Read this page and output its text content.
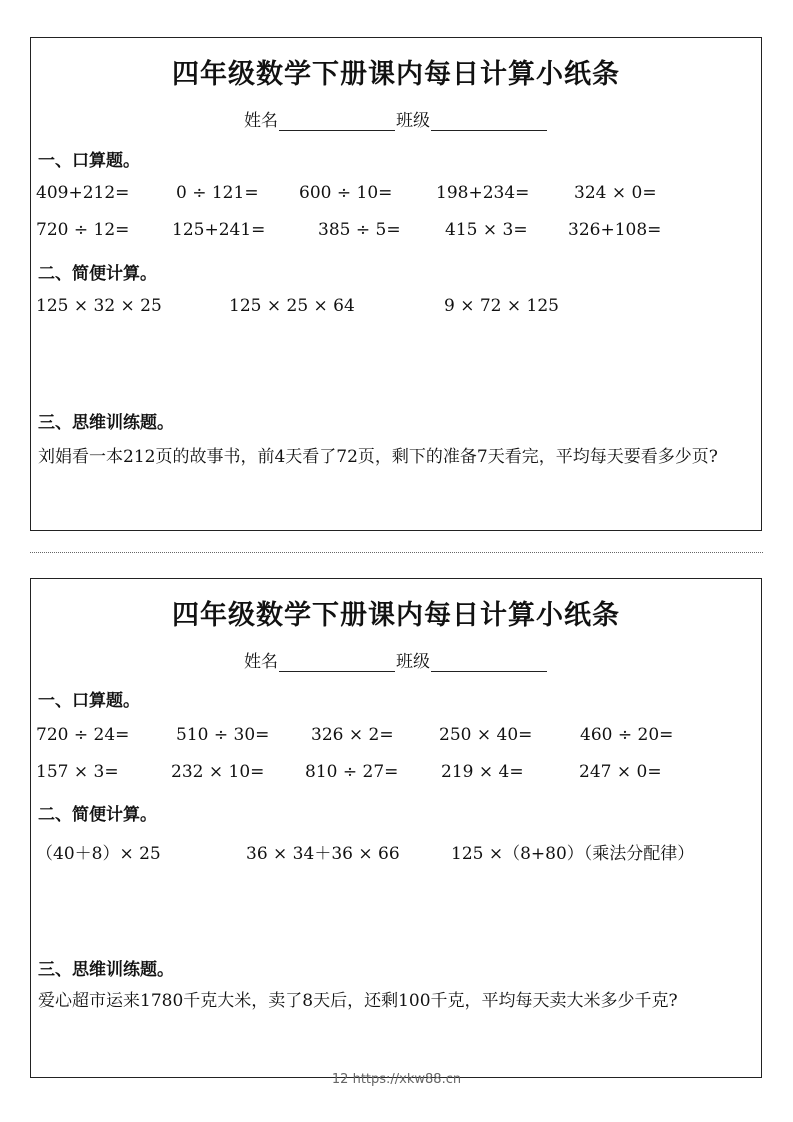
四年级数学下册课内每日计算小纸条
姓名	班级
一、口算题。
409+212=	0 ÷ 121= 600 ÷ 10=	198+234=	324 × 0=
720 ÷ 12=	125+241=	385 ÷ 5=	415 × 3= 326+108=
二、简便计算。
125 × 32 × 25	125 × 25 × 64	9 × 72 × 125
三、思维训练题。
刘娟看一本212页的故事书，前4天看了72页，剩下的准备7天看完，平均每天要看多少页?
四年级数学下册课内每日计算小纸条
姓名	班级
一、口算题。
720 ÷ 24=	510 ÷ 30= 326 × 2=	250 × 40=	460 ÷ 20=
157 × 3=	232 × 10= 810 ÷ 27=	219 × 4=	247 × 0=
二、简便计算。
（40＋8）× 25	36 × 34＋36 × 66	125 ×（8+80）（乘法分配律）
三、思维训练题。
爱心超市运来1780千克大米，卖了8天后，还剩100千克，平均每天卖大米多少千克?
12 https://xkw88.cn
